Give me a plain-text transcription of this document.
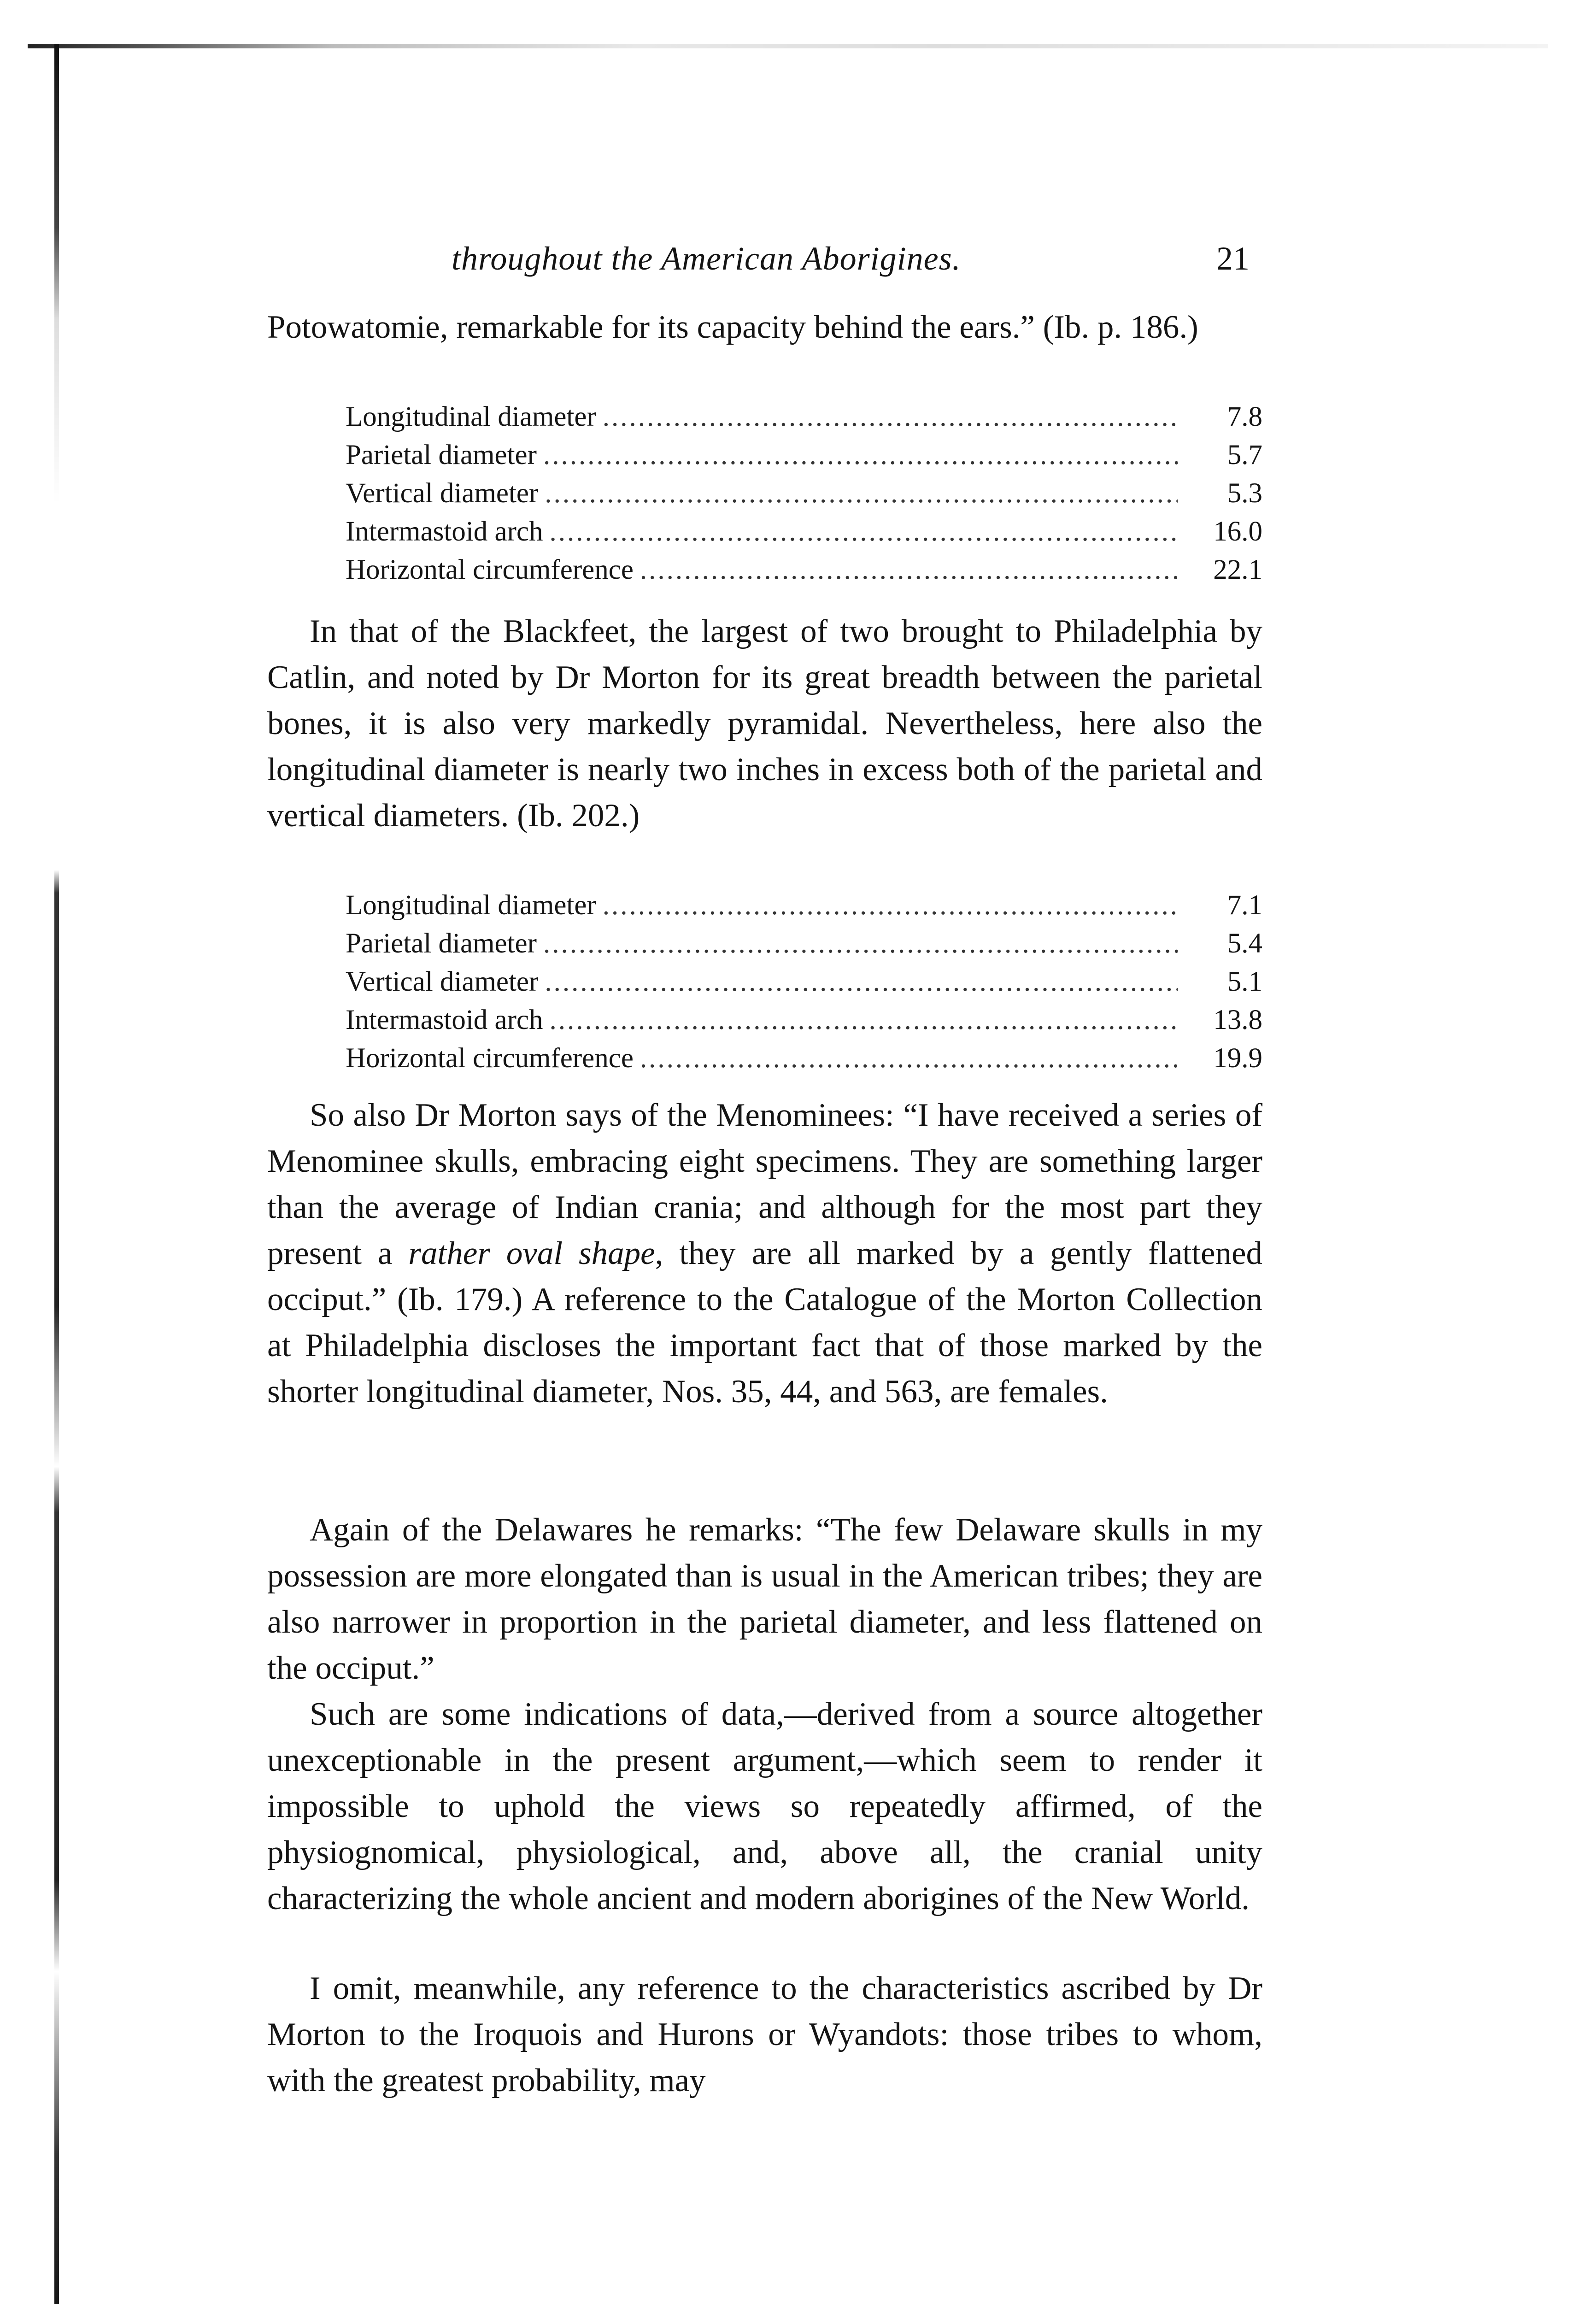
throughout the American Aborigines.	21
Potowatomie, remarkable for its capacity behind the ears.” (Ib. p. 186.)
Longitudinal diameter .....	7.8
Parietal diameter .....	5.7
Vertical diameter .....	5.3
Intermastoid arch .....	16.0
Horizontal circumference .....	22.1
In that of the Blackfeet, the largest of two brought to Philadelphia by Catlin, and noted by Dr Morton for its great breadth between the parietal bones, it is also very markedly pyramidal. Nevertheless, here also the longitudinal diameter is nearly two inches in excess both of the parietal and vertical diameters. (Ib. 202.)
Longitudinal diameter .....	7.1
Parietal diameter .....	5.4
Vertical diameter .....	5.1
Intermastoid arch .....	13.8
Horizontal circumference .....	19.9
So also Dr Morton says of the Menominees: “I have received a series of Menominee skulls, embracing eight specimens. They are something larger than the average of Indian crania; and although for the most part they present a rather oval shape, they are all marked by a gently flattened occiput.” (Ib. 179.) A reference to the Catalogue of the Morton Collection at Philadelphia discloses the important fact that of those marked by the shorter longitudinal diameter, Nos. 35, 44, and 563, are females.
Again of the Delawares he remarks: “The few Delaware skulls in my possession are more elongated than is usual in the American tribes; they are also narrower in proportion in the parietal diameter, and less flattened on the occiput.”
Such are some indications of data,—derived from a source altogether unexceptionable in the present argument,—which seem to render it impossible to uphold the views so repeatedly affirmed, of the physiognomical, physiological, and, above all, the cranial unity characterizing the whole ancient and modern aborigines of the New World.
I omit, meanwhile, any reference to the characteristics ascribed by Dr Morton to the Iroquois and Hurons or Wyandots: those tribes to whom, with the greatest probability, may
